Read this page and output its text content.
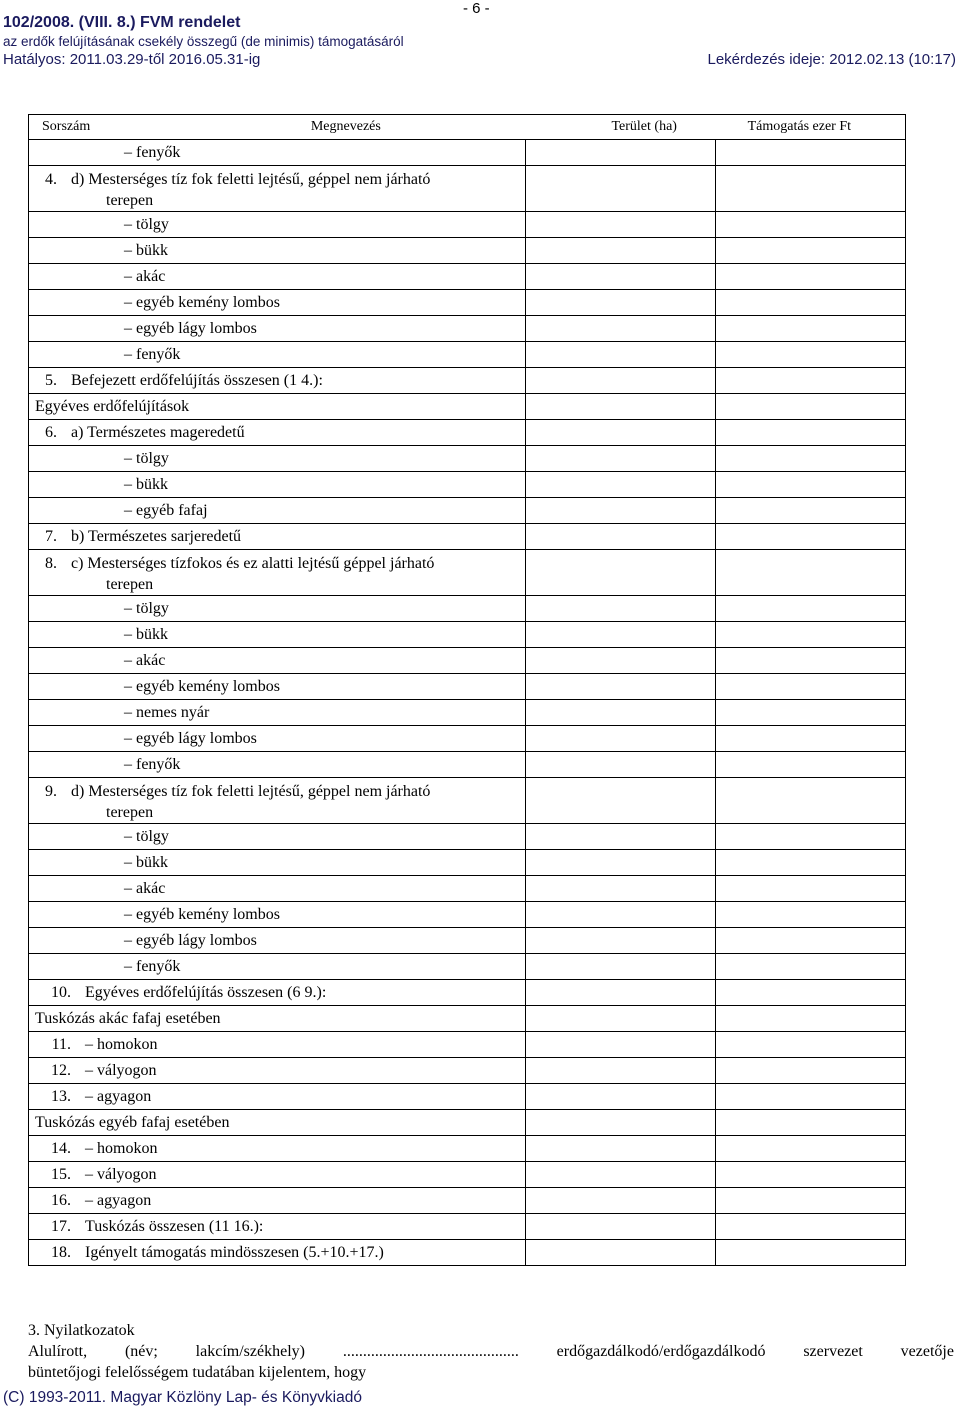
- 6 -
102/2008. (VIII. 8.) FVM rendelet
az erdők felújításának csekély összegű (de minimis) támogatásáról
Hatályos: 2011.03.29-től 2016.05.31-ig	Lekérdezés ideje: 2012.02.13 (10:17)
Sorszám Megnevezés Terület (ha) Támogatás ezer Ft		

– fenyők		

4. d) Mesterséges tíz fok feletti lejtésű, géppel nem járható
terepen		

– tölgy		
– bükk		
– akác		
– egyéb kemény lombos		
– egyéb lágy lombos		
– fenyők		
5. Befejezett erdőfelújítás összesen (1 4.):		
Egyéves erdőfelújítások		
6. a) Természetes mageredetű		
– tölgy		
– bükk		
– egyéb fafaj		
7. b) Természetes sarjeredetű		

8. c) Mesterséges tízfokos és ez alatti lejtésű géppel járható
terepen		

– tölgy		
– bükk		
– akác		
– egyéb kemény lombos		
– nemes nyár		
– egyéb lágy lombos		
– fenyők		

9. d) Mesterséges tíz fok feletti lejtésű, géppel nem járható
terepen		

– tölgy		
– bükk		
– akác		
– egyéb kemény lombos		
– egyéb lágy lombos		
– fenyők		
10. Egyéves erdőfelújítás összesen (6 9.):		
Tuskózás akác fafaj esetében		
11. – homokon		
12. – vályogon		
13. – agyagon		
Tuskózás egyéb fafaj esetében		
14. – homokon		
15. – vályogon		
16. – agyagon		
17. Tuskózás összesen (11 16.):		
18. Igényelt támogatás mindösszesen (5.+10.+17.)		
3. Nyilatkozatok
Alulírott, (név; lakcím/székhely) ............................................ erdőgazdálkodó/erdőgazdálkodó szervezet vezetője
büntetőjogi felelősségem tudatában kijelentem, hogy
(C) 1993-2011. Magyar Közlöny Lap- és Könyvkiadó
